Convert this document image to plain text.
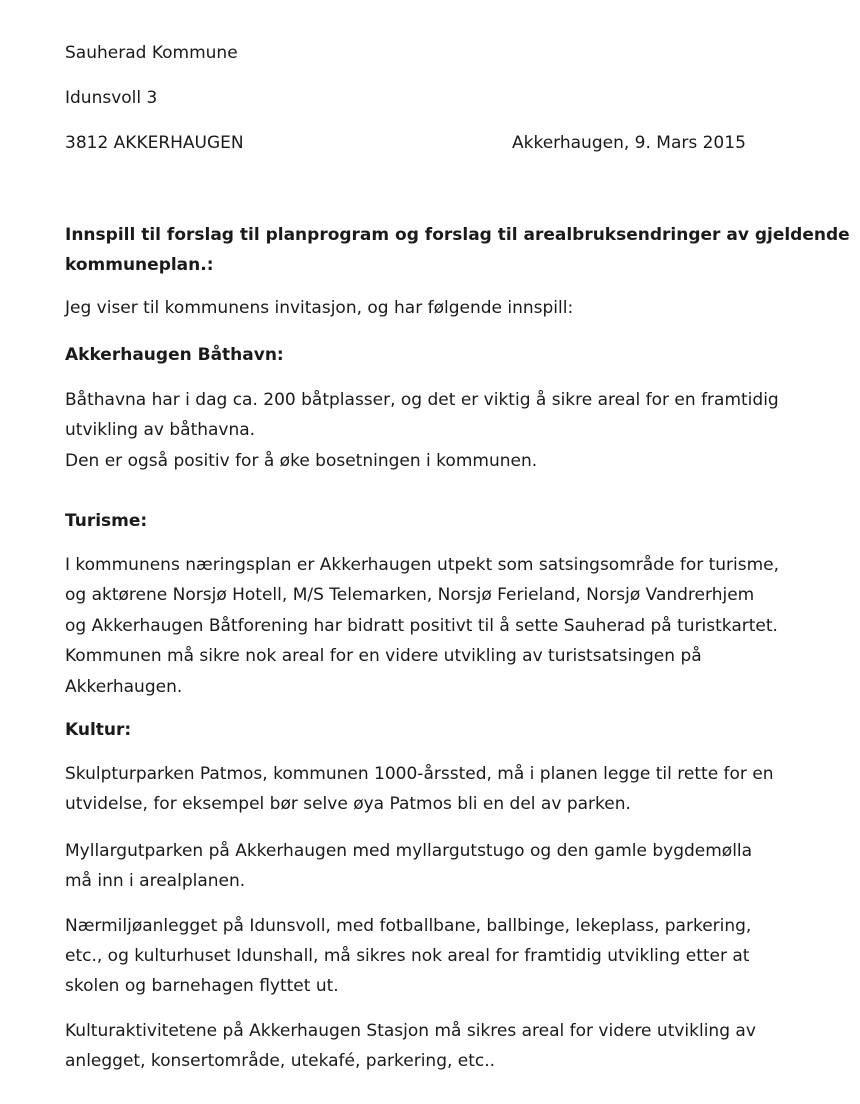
Sauherad Kommune

Idunsvoll 3

3812 AKKERHAUGEN	Akkerhaugen, 9. Mars 2015

Innspill til forslag til planprogram og forslag til arealbruksendringer av gjeldende

kommuneplan.:

Jeg viser til kommunens invitasjon, og har følgende innspill:

Akkerhaugen Båthavn:

Båthavna har i dag ca. 200 båtplasser, og det er viktig å sikre areal for en framtidig

utvikling av båthavna.

Den er også positiv for å øke bosetningen i kommunen.

Turisme:

I kommunens næringsplan er Akkerhaugen utpekt som satsingsområde for turisme,

og aktørene Norsjø Hotell, M/S Telemarken, Norsjø Ferieland, Norsjø Vandrerhjem

og Akkerhaugen Båtforening har bidratt positivt til å sette Sauherad på turistkartet.

Kommunen må sikre nok areal for en videre utvikling av turistsatsingen på

Akkerhaugen.

Kultur:

Skulpturparken Patmos, kommunen 1000-årssted, må i planen legge til rette for en

utvidelse, for eksempel bør selve øya Patmos bli en del av parken.

Myllargutparken på Akkerhaugen med myllargutstugo og den gamle bygdemølla

må inn i arealplanen.

Nærmiljøanlegget på Idunsvoll, med fotballbane, ballbinge, lekeplass, parkering,

etc., og kulturhuset Idunshall, må sikres nok areal for framtidig utvikling etter at

skolen og barnehagen flyttet ut.

Kulturaktivitetene på Akkerhaugen Stasjon må sikres areal for videre utvikling av

anlegget, konsertområde, utekafé, parkering, etc..
